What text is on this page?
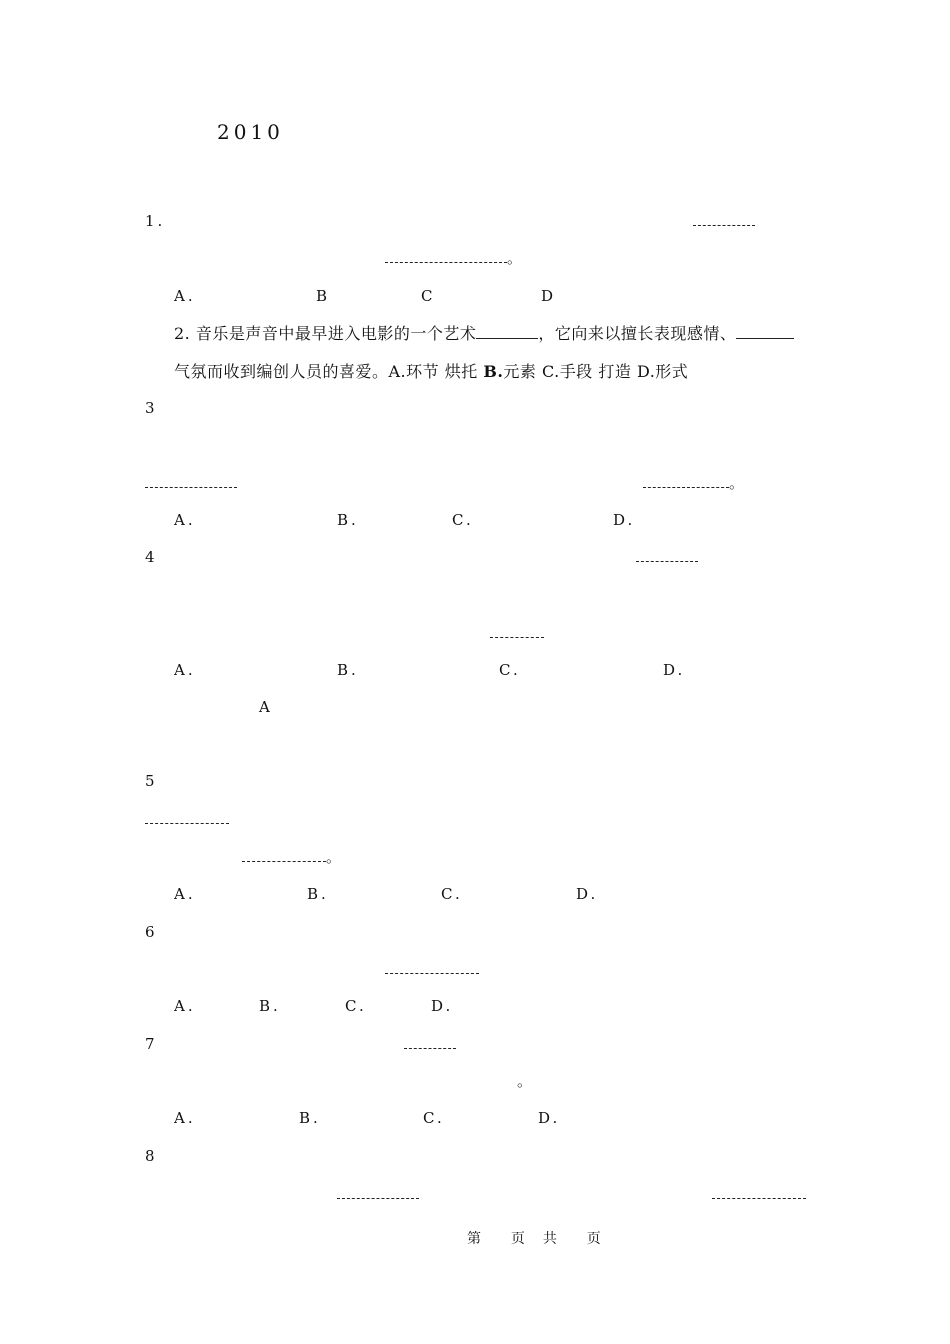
2010
1.
。
A.	B	C	D
2. 音乐是声音中最早进入电影的一个艺术	，它向来以擅长表现感情、
气氛而收到编创人员的喜爱。A.环节 烘托 B.元素 C.手段 打造 D.形式
3
。
A.	B.	C.	D.
4
A.	B.	C.	D.
A
5
。
A.	B.	C.	D.
6
A.	B.	C.	D.
7
。
A.	B.	C.	D.
8
第 页 共 页
